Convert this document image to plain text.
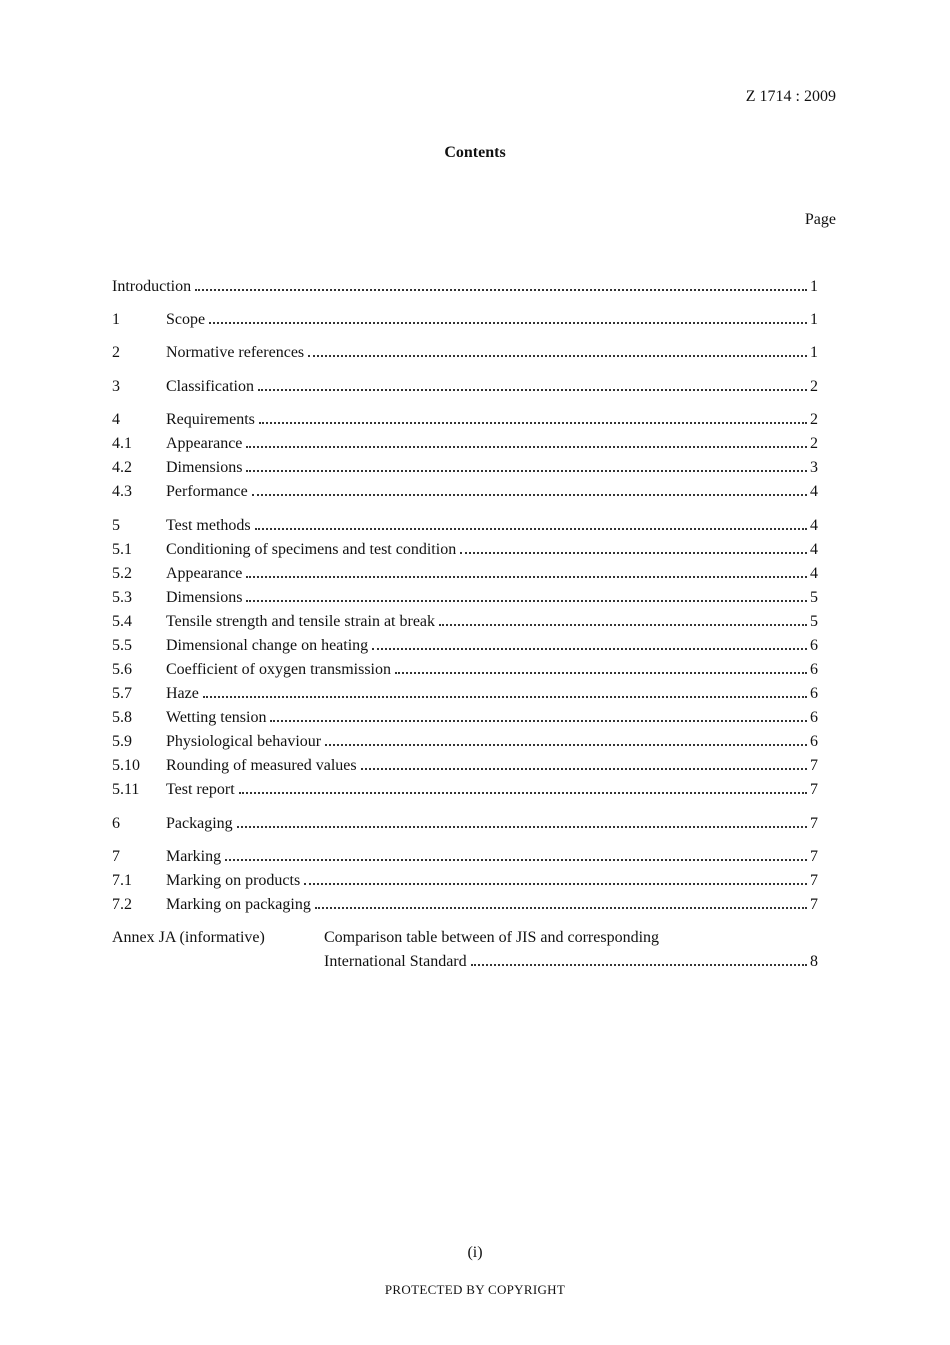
Z 1714 : 2009
Contents
Page
Introduction	1
1	Scope	1
2	Normative references	1
3	Classification	2
4	Requirements	2
4.1	Appearance	2
4.2	Dimensions	3
4.3	Performance	4
5	Test methods	4
5.1	Conditioning of specimens and test condition	4
5.2	Appearance	4
5.3	Dimensions	5
5.4	Tensile strength and tensile strain at break	5
5.5	Dimensional change on heating	6
5.6	Coefficient of oxygen transmission	6
5.7	Haze	6
5.8	Wetting tension	6
5.9	Physiological behaviour	6
5.10	Rounding of measured values	7
5.11	Test report	7
6	Packaging	7
7	Marking	7
7.1	Marking on products	7
7.2	Marking on packaging	7
Annex JA (informative)	Comparison table between of JIS and corresponding
International Standard	8
(i)
PROTECTED BY COPYRIGHT
